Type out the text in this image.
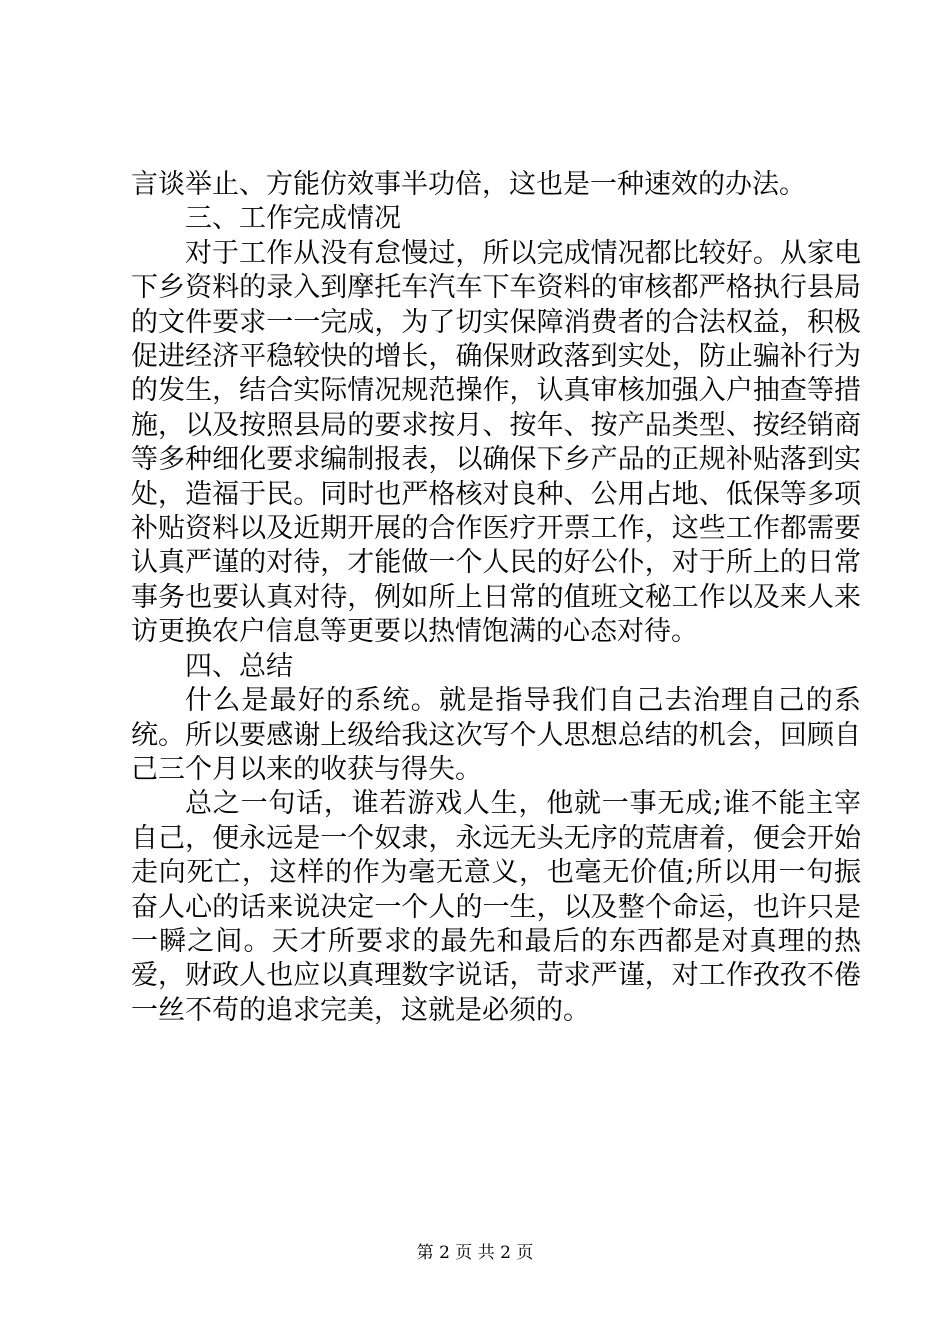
言谈举止、方能仿效事半功倍，这也是一种速效的办法。

三、工作完成情况

对于工作从没有怠慢过，所以完成情况都比较好。从家电下乡资料的录入到摩托车汽车下车资料的审核都严格执行县局的文件要求一一完成，为了切实保障消费者的合法权益，积极促进经济平稳较快的增长，确保财政落到实处，防止骗补行为的发生，结合实际情况规范操作，认真审核加强入户抽查等措施，以及按照县局的要求按月、按年、按产品类型、按经销商等多种细化要求编制报表，以确保下乡产品的正规补贴落到实处，造福于民。同时也严格核对良种、公用占地、低保等多项补贴资料以及近期开展的合作医疗开票工作，这些工作都需要认真严谨的对待，才能做一个人民的好公仆，对于所上的日常事务也要认真对待，例如所上日常的值班文秘工作以及来人来访更换农户信息等更要以热情饱满的心态对待。

四、总结

什么是最好的系统。就是指导我们自己去治理自己的系统。所以要感谢上级给我这次写个人思想总结的机会，回顾自己三个月以来的收获与得失。

总之一句话，谁若游戏人生，他就一事无成;谁不能主宰自己，便永远是一个奴隶，永远无头无序的荒唐着，便会开始走向死亡，这样的作为毫无意义，也毫无价值;所以用一句振奋人心的话来说决定一个人的一生，以及整个命运，也许只是一瞬之间。天才所要求的最先和最后的东西都是对真理的热爱，财政人也应以真理数字说话，苛求严谨，对工作孜孜不倦一丝不苟的追求完美，这就是必须的。

第 2 页 共 2 页
